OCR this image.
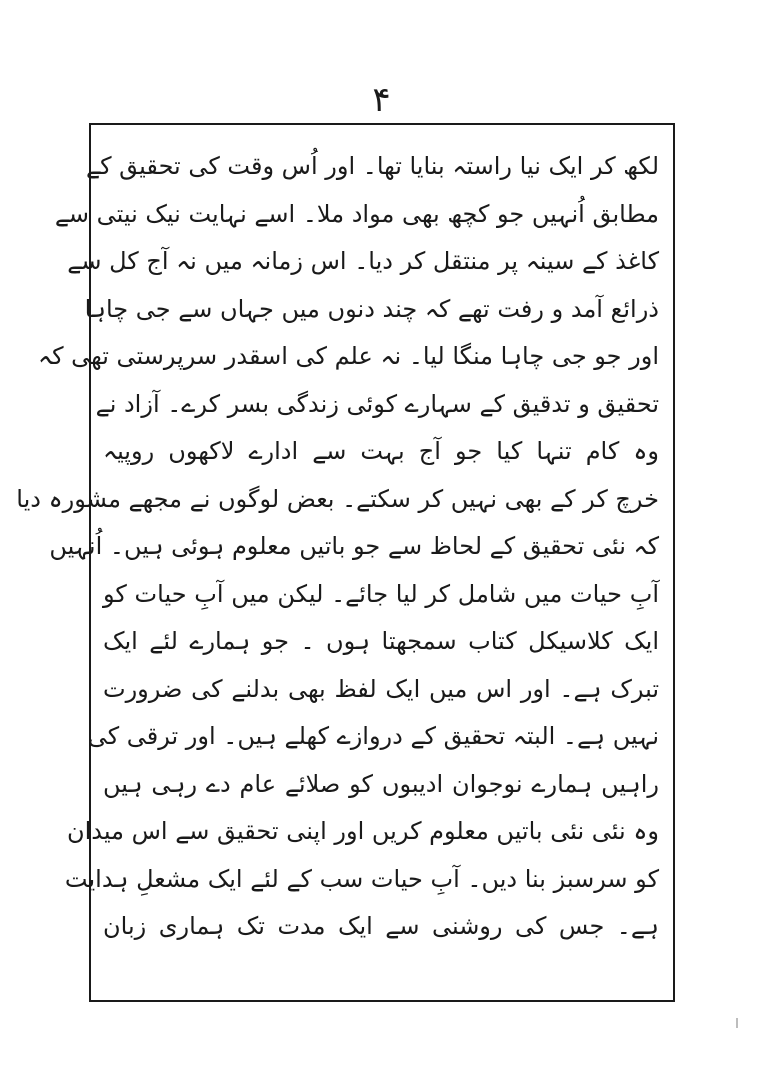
۴
لکھ کر ایک نیا راستہ بنایا تھا۔ اور اُس وقت کی تحقیق کے
مطابق اُنہیں جو کچھ بھی مواد ملا۔ اسے نہایت نیک نیتی سے
کاغذ کے سینہ پر منتقل کر دیا۔ اس زمانہ میں نہ آج کل سے
ذرائع آمد و رفت تھے کہ چند دنوں میں جہاں سے جی چاہا
اور جو جی چاہا منگا لیا۔ نہ علم کی اسقدر سرپرستی تھی کہ
تحقیق و تدقیق کے سہارے کوئی زندگی بسر کرے۔ آزاد نے
وہ کام تنہا کیا جو آج بہت سے ادارے لاکھوں روپیہ
خرچ کر کے بھی نہیں کر سکتے۔ بعض لوگوں نے مجھے مشورہ دیا
کہ نئی تحقیق کے لحاظ سے جو باتیں معلوم ہوئی ہیں۔ اُنہیں
آبِ حیات میں شامل کر لیا جائے۔ لیکن میں آبِ حیات کو
ایک کلاسیکل کتاب سمجھتا ہوں ۔ جو ہمارے لئے ایک
تبرک ہے۔ اور اس میں ایک لفظ بھی بدلنے کی ضرورت
نہیں ہے۔ البتہ تحقیق کے دروازے کھلے ہیں۔ اور ترقی کی
راہیں ہمارے نوجوان ادیبوں کو صلائے عام دے رہی ہیں
وہ نئی نئی باتیں معلوم کریں اور اپنی تحقیق سے اس میدان
کو سرسبز بنا دیں۔ آبِ حیات سب کے لئے ایک مشعلِ ہدایت
ہے۔ جس کی روشنی سے ایک مدت تک ہماری زبان
